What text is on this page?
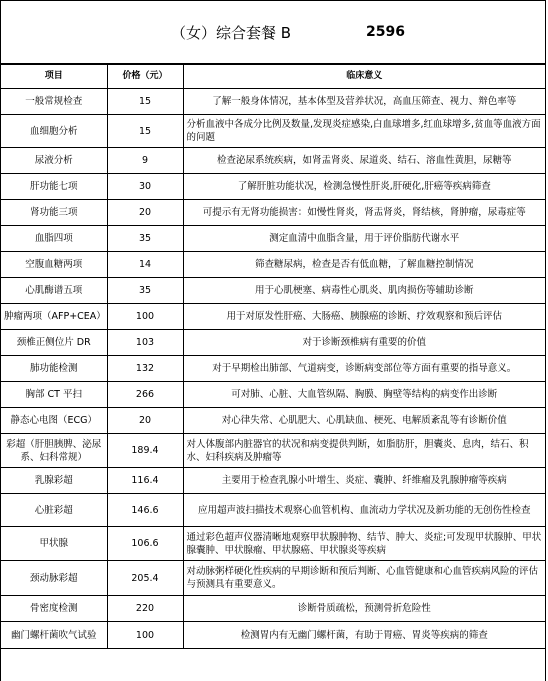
（女）综合套餐 B	2596
项目	价格（元）	临床意义
一般常规检查	15	了解一般身体情况，基本体型及营养状况，高血压筛查、视力、辩色率等
血细胞分析	15	分析血液中各成分比例及数量,发现炎症感染,白血球增多,红血球增多,贫血等血液方面的问题
尿液分析	9	检查泌尿系统疾病，如肾盂肾炎、尿道炎、结石、溶血性黄胆，尿糖等
肝功能七项	30	了解肝脏功能状况，检测急慢性肝炎,肝硬化,肝癌等疾病筛查
肾功能三项	20	可提示有无肾功能损害：如慢性肾炎，肾盂肾炎，肾结核，肾肿瘤，尿毒症等
血脂四项	35	测定血清中血脂含量，用于评价脂肪代谢水平
空腹血糖两项	14	筛查糖尿病，检查是否有低血糖，了解血糖控制情况
心肌酶谱五项	35	用于心肌梗塞、病毒性心肌炎、肌肉损伤等辅助诊断
肿瘤两项（AFP+CEA）	100	用于对原发性肝癌、大肠癌、胰腺癌的诊断、疗效观察和预后评估
颈椎正侧位片 DR	103	对于诊断颈椎病有重要的价值
肺功能检测	132	对于早期检出肺部、气道病变，诊断病变部位等方面有重要的指导意义。
胸部 CT 平扫	266	可对肺、心脏、大血管纵隔、胸膜、胸壁等结构的病变作出诊断
静态心电图（ECG）	20	对心律失常、心肌肥大、心肌缺血、梗死、电解质紊乱等有诊断价值
彩超（肝胆胰脾、泌尿系、妇科常规）	189.4	对人体腹部内脏器官的状况和病变提供判断，如脂肪肝，胆囊炎、息肉，结石、积水、妇科疾病及肿瘤等
乳腺彩超	116.4	主要用于检查乳腺小叶增生、炎症、囊肿、纤维瘤及乳腺肿瘤等疾病
心脏彩超	146.6	应用超声波扫描技术观察心血管机构、血流动力学状况及新功能的无创伤性检查
甲状腺	106.6	通过彩色超声仪器清晰地观察甲状腺肿物、结节、肿大、炎症;可发现甲状腺肿、甲状腺囊肿、甲状腺瘤、甲状腺癌、甲状腺炎等疾病
颈动脉彩超	205.4	对动脉粥样硬化性疾病的早期诊断和预后判断、心血管健康和心血管疾病风险的评估与预测具有重要意义。
骨密度检测	220	诊断骨质疏松，预测骨折危险性
幽门螺杆菌吹气试验	100	检测胃内有无幽门螺杆菌，有助于胃癌、胃炎等疾病的筛查
